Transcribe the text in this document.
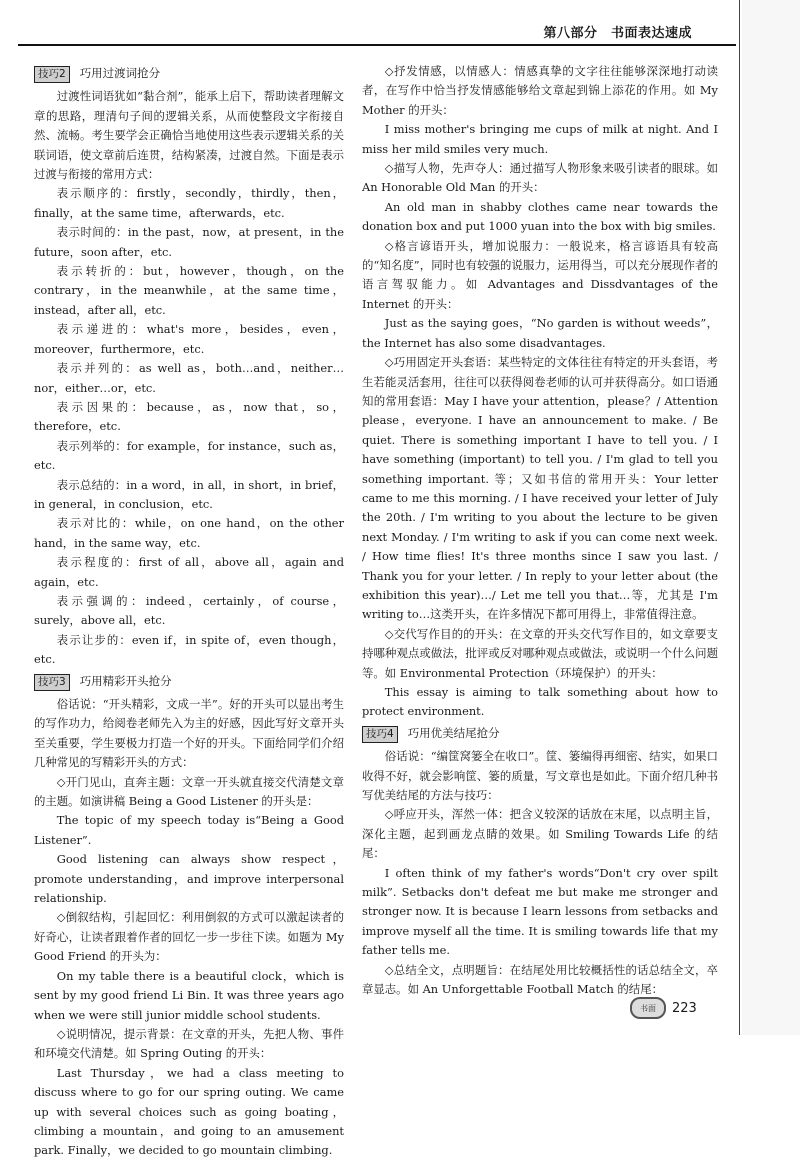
第八部分　书面表达速成
技巧2 巧用过渡词抢分

过渡性词语犹如“黏合剂”，能承上启下，帮助读者理解文章的思路，理清句子间的逻辑关系，从而使整段文字衔接自然、流畅。考生要学会正确恰当地使用这些表示逻辑关系的关联词语，使文章前后连贯，结构紧凑，过渡自然。下面是表示过渡与衔接的常用方式：

表示顺序的：firstly，secondly，thirdly，then，finally，at the same time，afterwards，etc.

表示时间的：in the past，now，at present，in the future，soon after，etc.

表示转折的：but，however，though，on the contrary，in the meanwhile，at the same time，instead，after all，etc.

表示递进的：what's more，besides，even，moreover，furthermore，etc.

表示并列的：as well as，both…and，neither…nor，either…or，etc.

表示因果的：because，as，now that，so，therefore，etc.

表示列举的：for example，for instance，such as，etc.

表示总结的：in a word，in all，in short，in brief，in general，in conclusion，etc.

表示对比的：while，on one hand，on the other hand，in the same way，etc.

表示程度的：first of all，above all，again and again，etc.

表示强调的：indeed，certainly，of course，surely，above all，etc.

表示让步的：even if，in spite of，even though，etc.

技巧3 巧用精彩开头抢分

俗话说：“开头精彩，文成一半”。好的开头可以显出考生的写作功力，给阅卷老师先入为主的好感，因此写好文章开头至关重要，学生要极力打造一个好的开头。下面给同学们介绍几种常见的写精彩开头的方式：

◇开门见山，直奔主题：文章一开头就直接交代清楚文章的主题。如演讲稿 Being a Good Listener 的开头是：

The topic of my speech today is“Being a Good Listener”.

Good listening can always show respect，promote understanding，and improve interpersonal relationship.

◇倒叙结构，引起回忆：利用倒叙的方式可以激起读者的好奇心，让读者跟着作者的回忆一步一步往下读。如题为 My Good Friend 的开头为：

On my table there is a beautiful clock，which is sent by my good friend Li Bin. It was three years ago when we were still junior middle school students.

◇说明情况，提示背景：在文章的开头，先把人物、事件和环境交代清楚。如 Spring Outing 的开头：

Last Thursday，we had a class meeting to discuss where to go for our spring outing. We came up with several choices such as going boating，climbing a mountain，and going to an amusement park. Finally，we decided to go mountain climbing.

◇抒发情感，以情感人：情感真挚的文字往往能够深深地打动读者，在写作中恰当抒发情感能够给文章起到锦上添花的作用。如 My Mother 的开头：

I miss mother's bringing me cups of milk at night. And I miss her mild smiles very much.

◇描写人物，先声夺人：通过描写人物形象来吸引读者的眼球。如 An Honorable Old Man 的开头：

An old man in shabby clothes came near towards the donation box and put 1000 yuan into the box with big smiles.

◇格言谚语开头，增加说服力：一般说来，格言谚语具有较高的“知名度”，同时也有较强的说服力，运用得当，可以充分展现作者的语言驾驭能力。如 Advantages and Dissdvantages of the Internet 的开头：

Just as the saying goes，“No garden is without weeds”，the Internet has also some disadvantages.

◇巧用固定开头套语：某些特定的文体往往有特定的开头套语，考生若能灵活套用，往往可以获得阅卷老师的认可并获得高分。如口语通知的常用套语：May I have your attention，please？/ Attention please，everyone. I have an announcement to make. / Be quiet. There is something important I have to tell you. / I have something (important) to tell you. / I'm glad to tell you something important. 等；又如书信的常用开头：Your letter came to me this morning. / I have received your letter of July the 20th. / I'm writing to you about the lecture to be given next Monday. / I'm writing to ask if you can come next week. / How time flies! It's three months since I saw you last. / Thank you for your letter. / In reply to your letter about (the exhibition this year)…/ Let me tell you that…等，尤其是 I'm writing to…这类开头，在许多情况下都可用得上，非常值得注意。

◇交代写作目的的开头：在文章的开头交代写作目的，如文章要支持哪种观点或做法，批评或反对哪种观点或做法，或说明一个什么问题等。如 Environmental Protection（环境保护）的开头：

This essay is aiming to talk something about how to protect environment.

技巧4 巧用优美结尾抢分

俗话说：“编筐窝篓全在收口”。筐、篓编得再细密、结实，如果口收得不好，就会影响筐、篓的质量，写文章也是如此。下面介绍几种书写优美结尾的方法与技巧：

◇呼应开头，浑然一体：把含义较深的话放在末尾，以点明主旨，深化主题，起到画龙点睛的效果。如 Smiling Towards Life 的结尾：

I often think of my father's words“Don't cry over spilt milk”. Setbacks don't defeat me but make me stronger and stronger now. It is because I learn lessons from setbacks and improve myself all the time. It is smiling towards life that my father tells me.

◇总结全文，点明题旨：在结尾处用比较概括性的话总结全文，卒章显志。如 An Unforgettable Football Match 的结尾：

书面	223
